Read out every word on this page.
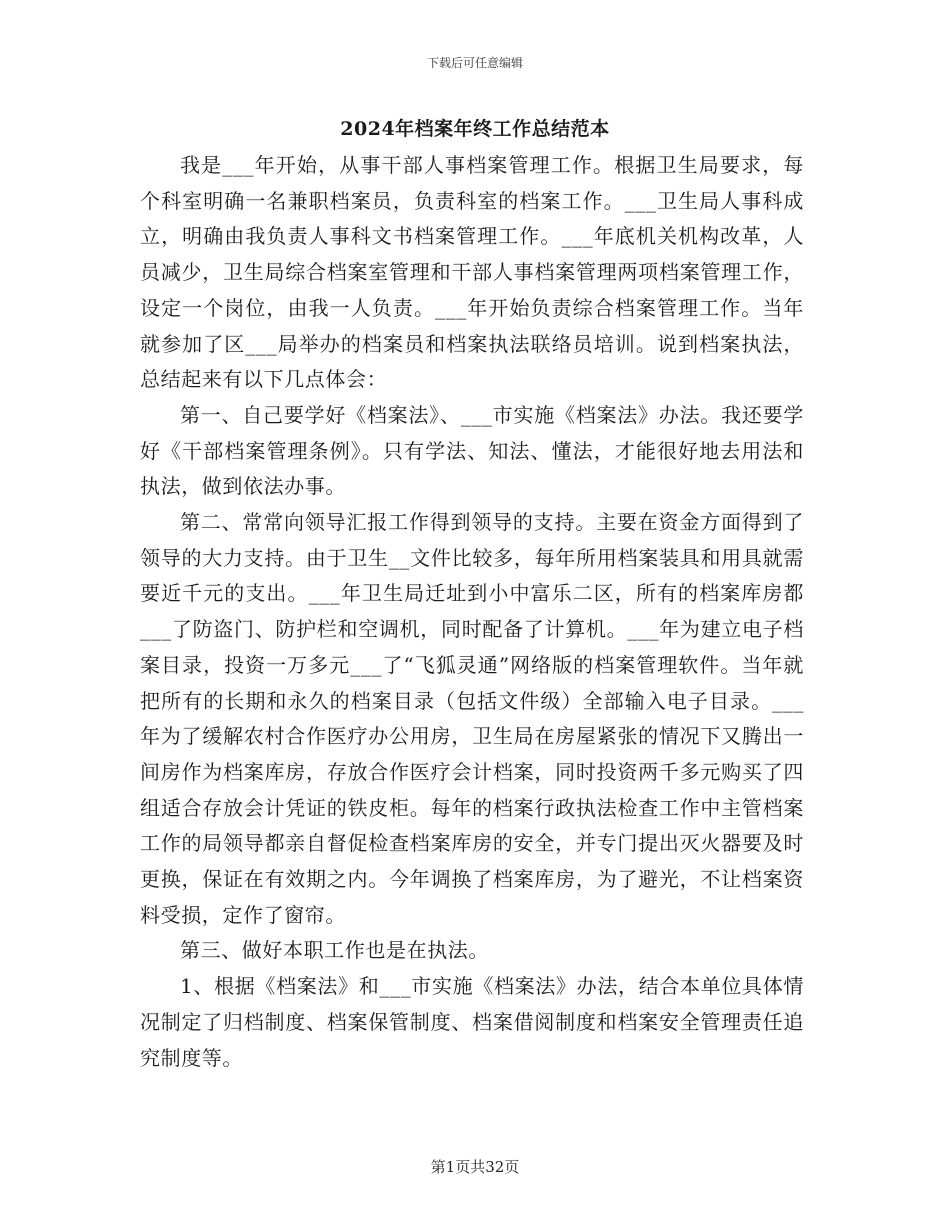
下载后可任意编辑
2024年档案年终工作总结范本

我是___年开始，从事干部人事档案管理工作。根据卫生局要求，每个科室明确一名兼职档案员，负责科室的档案工作。___卫生局人事科成立，明确由我负责人事科文书档案管理工作。___年底机关机构改革，人员减少，卫生局综合档案室管理和干部人事档案管理两项档案管理工作，设定一个岗位，由我一人负责。___年开始负责综合档案管理工作。当年就参加了区___局举办的档案员和档案执法联络员培训。说到档案执法，总结起来有以下几点体会：

第一、自己要学好《档案法》、___市实施《档案法》办法。我还要学好《干部档案管理条例》。只有学法、知法、懂法，才能很好地去用法和执法，做到依法办事。

第二、常常向领导汇报工作得到领导的支持。主要在资金方面得到了领导的大力支持。由于卫生__文件比较多，每年所用档案装具和用具就需要近千元的支出。___年卫生局迁址到小中富乐二区，所有的档案库房都___了防盗门、防护栏和空调机，同时配备了计算机。___年为建立电子档案目录，投资一万多元___了“飞狐灵通”网络版的档案管理软件。当年就把所有的长期和永久的档案目录（包括文件级）全部输入电子目录。___年为了缓解农村合作医疗办公用房，卫生局在房屋紧张的情况下又腾出一间房作为档案库房，存放合作医疗会计档案，同时投资两千多元购买了四组适合存放会计凭证的铁皮柜。每年的档案行政执法检查工作中主管档案工作的局领导都亲自督促检查档案库房的安全，并专门提出灭火器要及时更换，保证在有效期之内。今年调换了档案库房，为了避光，不让档案资料受损，定作了窗帘。

第三、做好本职工作也是在执法。

1、根据《档案法》和___市实施《档案法》办法，结合本单位具体情况制定了归档制度、档案保管制度、档案借阅制度和档案安全管理责任追究制度等。

第1页共32页
